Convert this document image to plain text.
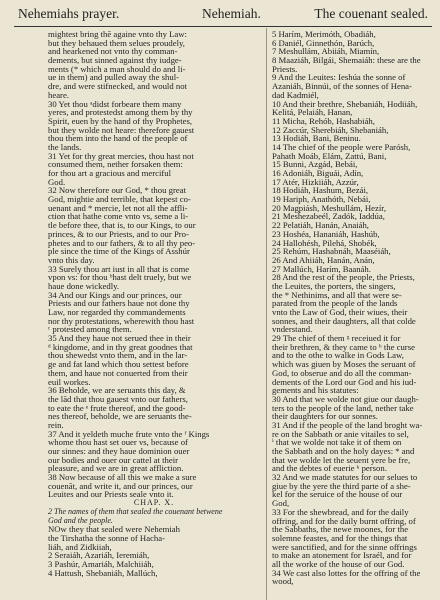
Nehemiahs prayer.	Nehemiah.	The couenant sealed.
mightest bring thē againe vnto thy Law:
but they behaued them selues proudely,
and hearkened not vnto thy comman-
dements, but sinned against thy iudge-
ments (* which a man should do and li-
ue in them) and pulled away the shul-
dre, and were stifnecked, and would not
heare.
30 Yet thou ᵃdidst forbeare them many
yeres, and protestedst among them by thy
Spirit, euen by the hand of thy Prophetes,
but they wolde not heare: therefore gauest
thou them into the hand of the people of
the lands.
31 Yet for thy great mercies, thou hast not
consumed them, nether forsaken them:
for thou art a gracious and merciful
God.
32 Now therefore our God, * thou great
God, mightie and terrible, that kepest co-
uenant and * mercie, let not all the affli-
ction that hathe come vnto vs, seme a li-
tle before thee, that is, to our Kings, to our
princes, & to our Priests, and to our Pro-
phetes and to our fathers, & to all thy peo-
ple since the time of the Kings of Asshúr
vnto this day.
33 Surely thou art iust in all that is come
vpon vs: for thou ᵇhast delt truely, but we
haue done wickedly.
34 And our Kings and our princes, our
Priests and our fathers haue not done thy
Law, nor regarded thy commandements
nor thy protestations, wherewith thou hast
ᶜ protested among them.
35 And they haue not serued thee in their
ᵈ kingdome, and in thy great goodnes that
thou shewedst vnto them, and in the lar-
ge and fat land which thou settest before
them, and haue not conuerted from their
euil workes.
36 Beholde, we are seruants this day, &
the lād that thou gauest vnto our fathers,
to eate the ᵉ frute thereof, and the good-
nes thereof, beholde, we are seruants the-
rein.
37 And it yeldeth muche frute vnto the ᶠ Kings
whome thou hast set ouer vs, because of
our sinnes: and they haue dominion ouer
our bodies and ouer our cattel at their
pleasure, and we are in great affliction.
38 Now because of all this we make a sure
couenāt, and write it, and our princes, our
Leuites and our Priests seale vnto it.
CHAP. X.
2 The names of them that sealed the couenant betwene
God and the people.
NOw they that sealed were Nehemiah
the Tirshatha the sonne of Hacha-
liáh, and Zidkiiah,
2 Seraiáh, Azariáh, Ieremiáh,
3 Pashúr, Amariáh, Malchiiáh,
4 Hattush, Shebaniáh, Mallúch,
5 Harím, Merimóth, Obadiáh,
6 Daniél, Ginnethón, Barúch,
7 Meshullám, Abiiáh, Miamín,
8 Maaziáh, Bilgái, Shemaiáh: these are the
Priests.
9 And the Leuites: Ieshúa the sonne of
Azaniáh, Binnúi, of the sonnes of Hena-
dad Kadmiél,
10 And their brethre, Shebaniáh, Hodiiáh,
Kelitá, Pelaiáh, Hanan,
11 Micha, Rehób, Hashabiáh,
12 Zaccúr, Sherebiáh, Shebaniáh,
13 Hodiáh, Bani, Beninu.
14 The chief of the people were Parósh,
Pahath Moáb, Elám, Zattú, Bani,
15 Bunni, Azgád, Bebái,
16 Adoniáh, Biguái, Adín,
17 Atér, Hizkiiáh, Azzúr,
18 Hodiáh, Hashum, Bezái,
19 Hariph, Anathóth, Nebái,
20 Magpiásh, Meshullám, Hezír,
21 Meshezabeél, Zadók, Iaddúa,
22 Pelatiáh, Hanán, Anaiáh,
23 Hoshéa, Hananiáh, Hashúb,
24 Hallohésh, Pilehá, Shobék,
25 Rehúm, Hashabnáh, Maaséiáh,
26 And Ahiiáh, Hanán, Anán,
27 Mallúch, Harím, Baanáh.
28 And the rest of the people, the Priests,
the Leuites, the porters, the singers,
the * Nethinims, and all that were se-
parated from the people of the lands
vnto the Law of God, their wiues, their
sonnes, and their daughters, all that colde
vnderstand.
29 The chief of them ᵍ receiued it for
their brethren, & they came to ʰ the curse
and to the othe to walke in Gods Law,
which was giuen by Moses the seruant of
God, to obserue and do all the comman-
dements of the Lord our God and his iud-
gements and his statutes:
30 And that we wolde not giue our daugh-
ters to the people of the land, nether take
their daughters for our sonnes.
31 And if the people of the land broght wa-
re on the Sabbath or anie vitailes to sel,
ⁱ that we wolde not take it of them on
the Sabbath and on the holy dayes: * and
that we wolde let the seuent yere be fre,
and the debtes of euerie ᵏ person.
32 And we made statutes for our selues to
giue by the yere the third parte of a she-
kel for the seruice of the house of our
God,
33 For the shewbread, and for the daily
offring, and for the daily burnt offring, of
the Sabbaths, the newe moones, for the
solemne feastes, and for the things that
were sanctified, and for the sinne offrings
to make an atonement for Israél, and for
all the worke of the house of our God.
34 We cast also lottes for the offring of the
wood,
